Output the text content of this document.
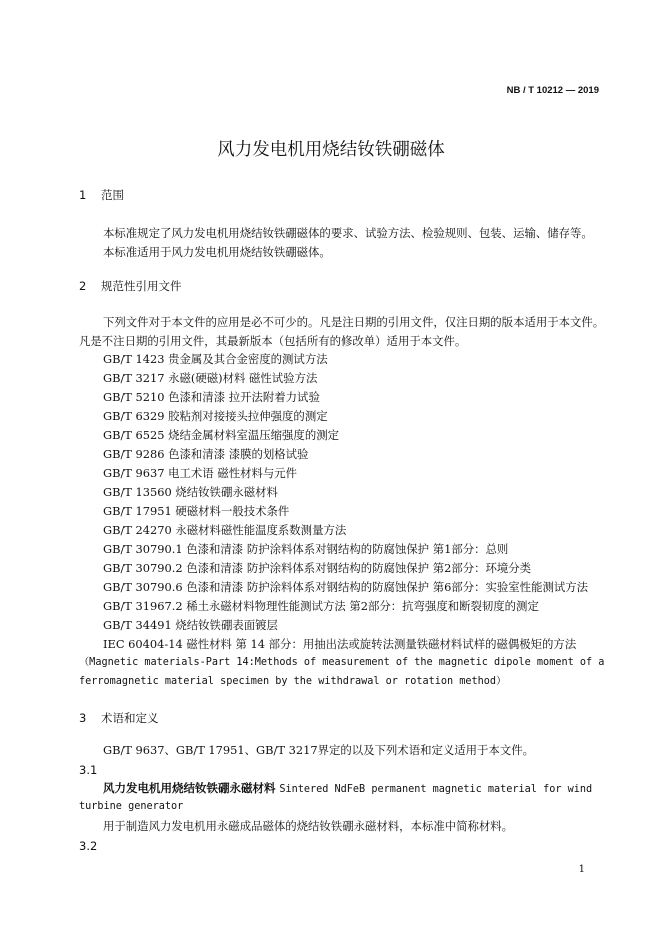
NB / T 10212 — 2019
风力发电机用烧结钕铁硼磁体
1 范围
本标准规定了风力发电机用烧结钕铁硼磁体的要求、试验方法、检验规则、包装、运输、储存等。
本标准适用于风力发电机用烧结钕铁硼磁体。
2 规范性引用文件
下列文件对于本文件的应用是必不可少的。凡是注日期的引用文件，仅注日期的版本适用于本文件。
凡是不注日期的引用文件，其最新版本（包括所有的修改单）适用于本文件。
GB/T 1423 贵金属及其合金密度的测试方法
GB/T 3217 永磁(硬磁)材料 磁性试验方法
GB/T 5210 色漆和清漆 拉开法附着力试验
GB/T 6329 胶粘剂对接接头拉伸强度的测定
GB/T 6525 烧结金属材料室温压缩强度的测定
GB/T 9286 色漆和清漆 漆膜的划格试验
GB/T 9637 电工术语 磁性材料与元件
GB/T 13560 烧结钕铁硼永磁材料
GB/T 17951 硬磁材料一般技术条件
GB/T 24270 永磁材料磁性能温度系数测量方法
GB/T 30790.1 色漆和清漆 防护涂料体系对钢结构的防腐蚀保护 第1部分：总则
GB/T 30790.2 色漆和清漆 防护涂料体系对钢结构的防腐蚀保护 第2部分：环境分类
GB/T 30790.6 色漆和清漆 防护涂料体系对钢结构的防腐蚀保护 第6部分：实验室性能测试方法
GB/T 31967.2 稀土永磁材料物理性能测试方法 第2部分：抗弯强度和断裂韧度的测定
GB/T 34491 烧结钕铁硼表面镀层
IEC 60404-14 磁性材料 第 14 部分：用抽出法或旋转法测量铁磁材料试样的磁偶极矩的方法
（Magnetic materials-Part 14:Methods of measurement of the magnetic dipole moment of a
ferromagnetic material specimen by the withdrawal or rotation method）
3 术语和定义
GB/T 9637、GB/T 17951、GB/T 3217界定的以及下列术语和定义适用于本文件。
3.1
风力发电机用烧结钕铁硼永磁材料 Sintered NdFeB permanent magnetic material for wind
turbine generator
用于制造风力发电机用永磁成品磁体的烧结钕铁硼永磁材料，本标准中简称材料。
3.2
1
